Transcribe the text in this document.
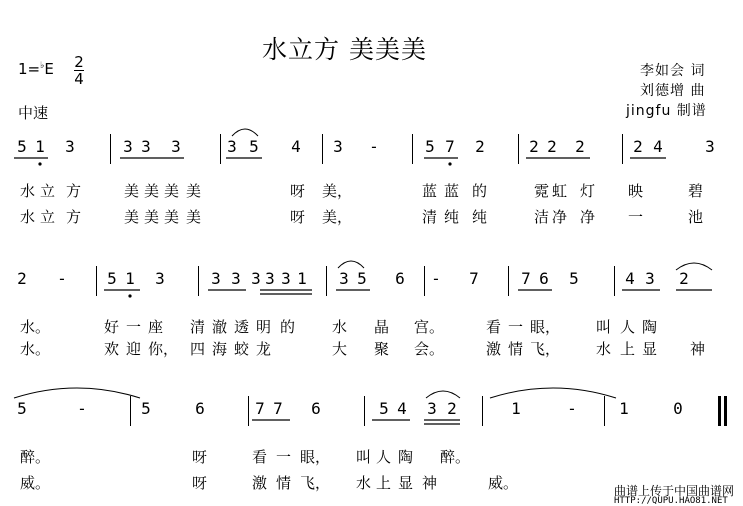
水立方 美美美
1=♭E 2
4
中速
李如会 词
刘德增 曲
jingfu 制谱
5 1 3	3 3 3	3 5 4 3 -	5 7 2	2 2 2	2 4	3
水 立 方	美 美 美 美	呀 美，	蓝 蓝 的	霓 虹 灯 映	碧
水 立 方	美 美 美 美	呀 美，	清 纯 纯	洁 净 净 一	池
2 -	5 1 3	3 3 3 3 3 1 3 5 6 - 7	7 6 5	4 3 2
水。	好 一 座 清 澈 透 明 的 水 晶 宫。	看 一 眼， 叫 人 陶
水。	欢 迎 你， 四 海 蛟 龙	大 聚 会。	激 情 飞， 水 上 显 神
5	-	5	6	7 7 6	5 4 3 2	1	-	1	0
醉。	呀	看 一 眼， 叫 人 陶 醉。
威。	呀	激 情 飞， 水 上 显 神	威。	曲谱上传于中国曲谱网
HTTP://QUPU.HAO81.NET
